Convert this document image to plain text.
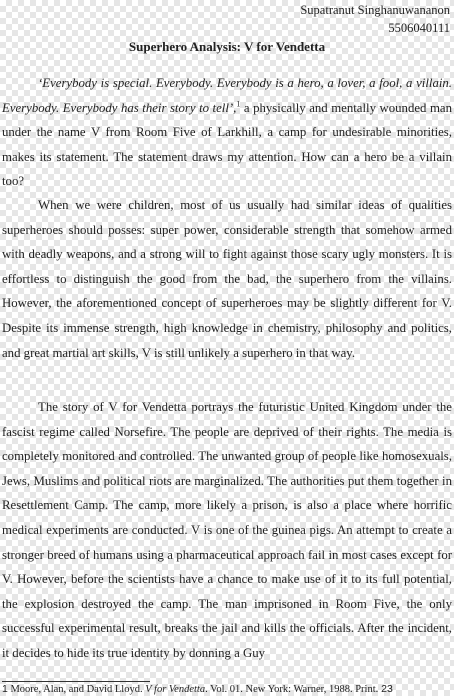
Supatranut Singhanuwananon
5506040111
Superhero Analysis: V for Vendetta
‘Everybody is special. Everybody. Everybody is a hero, a lover, a fool, a villain. Everybody. Everybody has their story to tell’,$^1$ a physically and mentally wounded man under the name V from Room Five of Larkhill, a camp for undesirable minorities, makes its statement. The statement draws my attention. How can a hero be a villain too?
When we were children, most of us usually had similar ideas of qualities superheroes should posses: super power, considerable strength that somehow armed with deadly weapons, and a strong will to fight against those scary ugly monsters. It is effortless to distinguish the good from the bad, the superhero from the villains. However, the aforementioned concept of superheroes may be slightly different for V. Despite its immense strength, high knowledge in chemistry, philosophy and politics, and great martial art skills, V is still unlikely a superhero in that way.
The story of V for Vendetta portrays the futuristic United Kingdom under the fascist regime called Norsefire. The people are deprived of their rights. The media is completely monitored and controlled. The unwanted group of people like homosexuals, Jews, Muslims and political riots are marginalized. The authorities put them together in Resettlement Camp. The camp, more likely a prison, is also a place where horrific medical experiments are conducted. V is one of the guinea pigs. An attempt to create a stronger breed of humans using a pharmaceutical approach fail in most cases except for V. However, before the scientists have a chance to make use of it to its full potential, the explosion destroyed the camp. The man imprisoned in Room Five, the only successful experimental result, breaks the jail and kills the officials. After the incident, it decides to hide its true identity by donning a Guy
1 Moore, Alan, and David Lloyd. V for Vendetta. Vol. 01. New York: Warner, 1988. Print. 23
